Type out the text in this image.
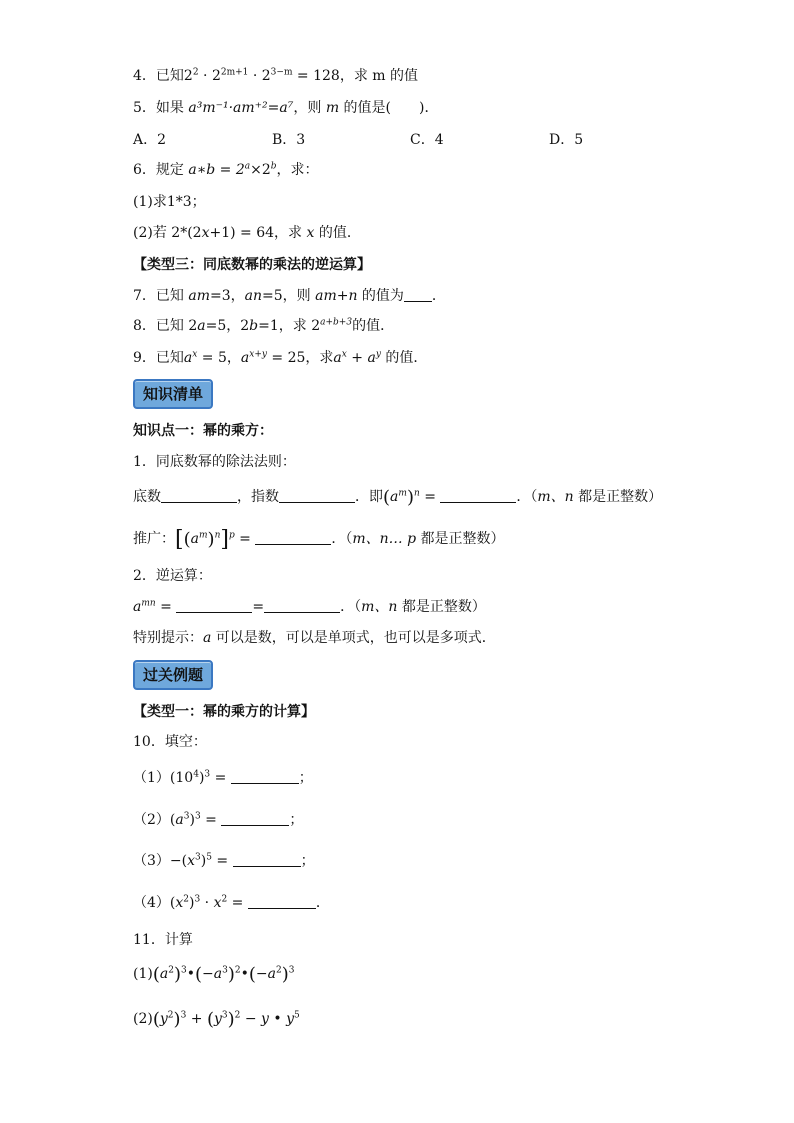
4．已知$2^2 \cdot 2^{2m+1} \cdot 2^{3-m} = 128$，求 m 的值
5．如果 a³m⁻¹·am⁺²=a⁷，则 m 的值是(　　)．
A．2	B．3	C．4	D．5
6．规定 a∗b = $2^a\times 2^b$，求：
(1)求1*3；
(2)若 2*(2x+1) = 64，求 x 的值．
【类型三：同底数幂的乘法的逆运算】
7．已知 am=3，an=5，则 am+n 的值为 ．
8．已知 2a=5，2b=1，求 $2^{a+b+3}$的值．
9．已知$a^x = 5$，$a^{x+y} = 25$，求$a^x + a^y$ 的值．
知识清单
知识点一：幂的乘方：
1．同底数幂的除法法则：
底数	，指数	．即$(a^m)^n$ =	．（m、n 都是正整数）
推广：$[(a^m)^n]^p$ =	．（m、n… p 都是正整数）
2．逆运算：
$a^{mn}$ =	=	．（m、n 都是正整数）
特别提示：a 可以是数，可以是单项式，也可以是多项式．
过关例题
【类型一：幂的乘方的计算】
10．填空：
$(1)(10^4)^3$ =	；
$(2)(a^3)^3$ =	；
$(3)-(x^3)^5$ =	；
$(4)(x^2)^3 \cdot x^2$ =	．
11．计算
$(1)(a^2)^3•(-a^3)^2•(-a^2)^3$
$(2)(y^2)^3 + (y^3)^2 - y$ • $y^5$
